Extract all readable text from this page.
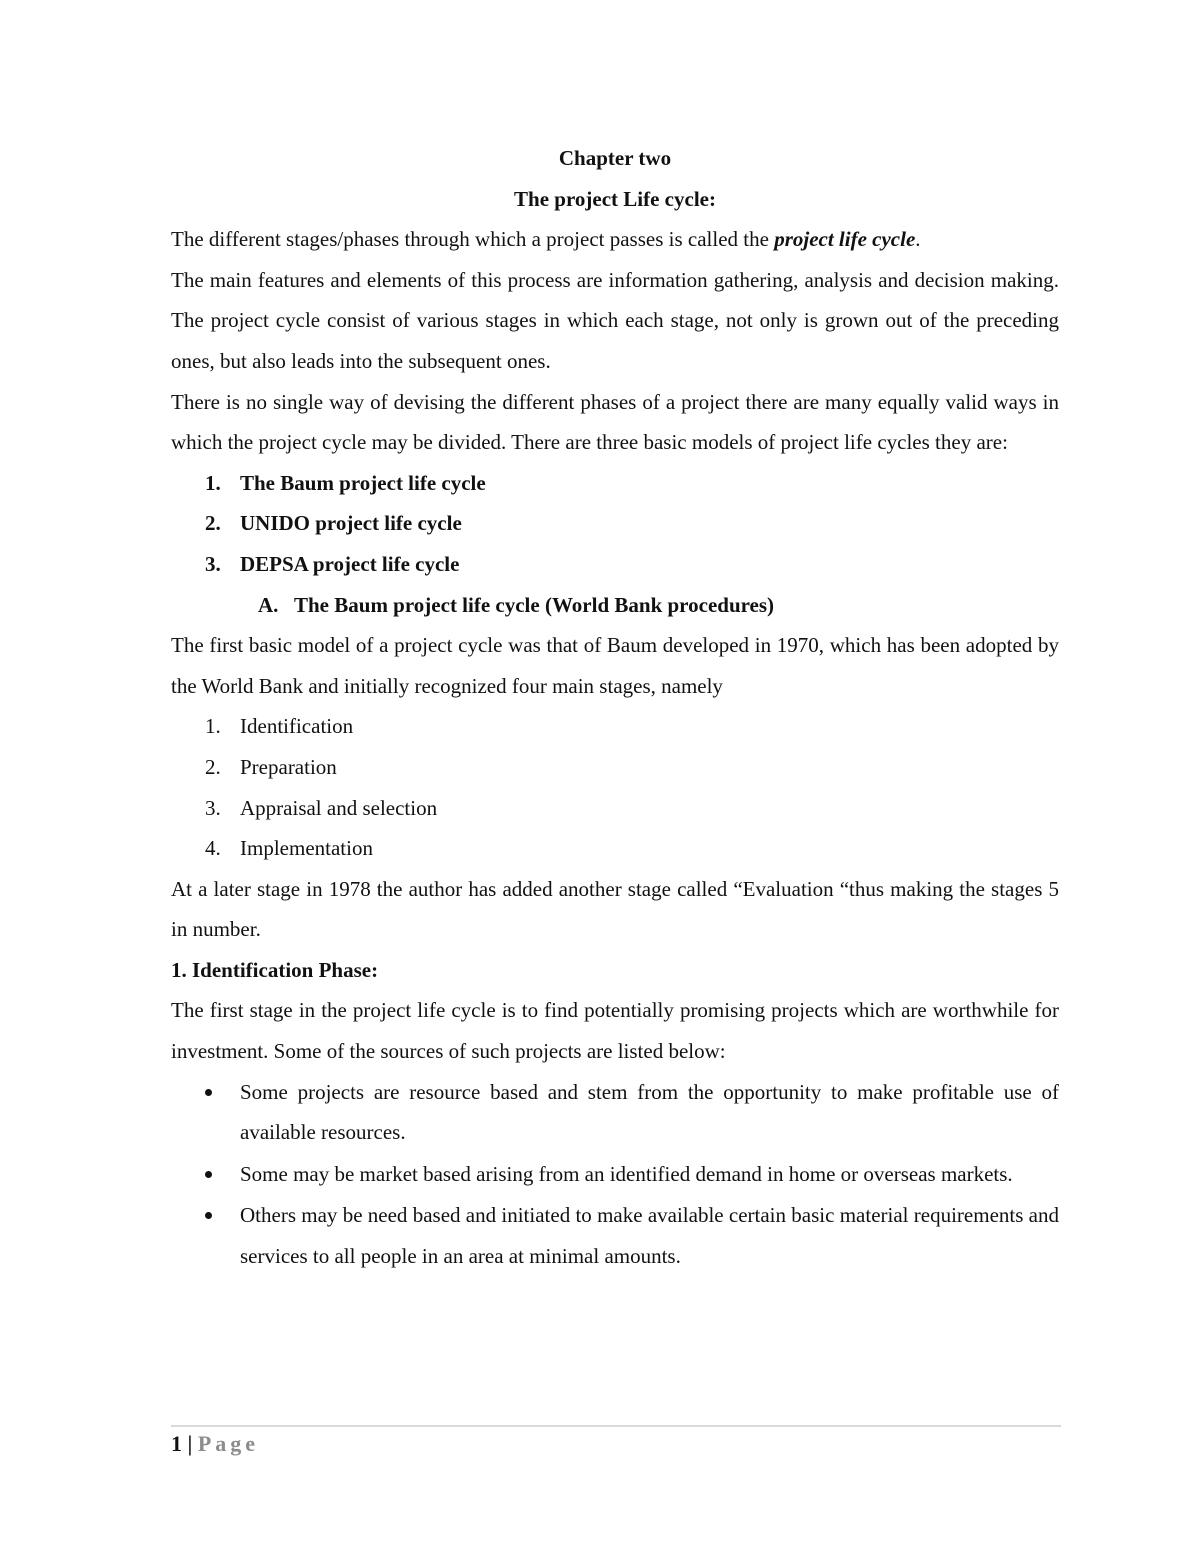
Chapter two

The project Life cycle:

The different stages/phases through which a project passes is called the project life cycle.

The main features and elements of this process are information gathering, analysis and decision making. The project cycle consist of various stages in which each stage, not only is grown out of the preceding ones, but also leads into the subsequent ones.

There is no single way of devising the different phases of a project there are many equally valid ways in which the project cycle may be divided. There are three basic models of project life cycles they are:

1. The Baum project life cycle
2. UNIDO project life cycle
3. DEPSA project life cycle
A. The Baum project life cycle (World Bank procedures)

The first basic model of a project cycle was that of Baum developed in 1970, which has been adopted by the World Bank and initially recognized four main stages, namely

1. Identification
2. Preparation
3. Appraisal and selection
4. Implementation

At a later stage in 1978 the author has added another stage called “Evaluation “thus making the stages 5 in number.

1. Identification Phase:

The first stage in the project life cycle is to find potentially promising projects which are worthwhile for investment. Some of the sources of such projects are listed below:

Some projects are resource based and stem from the opportunity to make profitable use of available resources.
Some may be market based arising from an identified demand in home or overseas markets.
Others may be need based and initiated to make available certain basic material requirements and services to all people in an area at minimal amounts.
1 | Page
